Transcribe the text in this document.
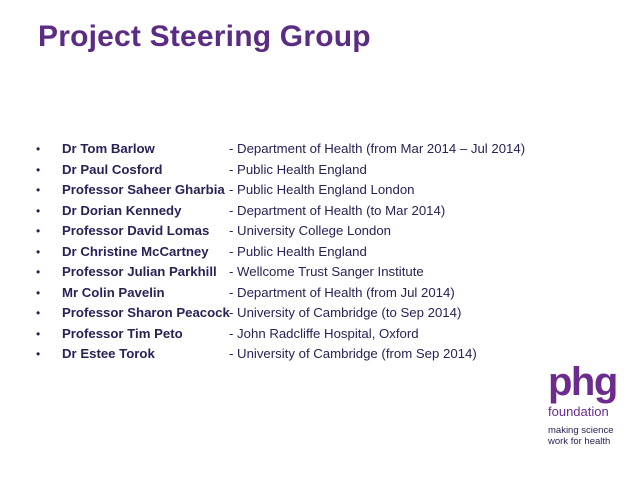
Project Steering Group
•	Dr Tom Barlow	- Department of Health (from Mar 2014 – Jul 2014)
•	Dr Paul Cosford	- Public Health England
•	Professor Saheer Gharbia - Public Health England London
•	Dr Dorian Kennedy	- Department of Health (to Mar 2014)
•	Professor David Lomas	- University College London
•	Dr Christine McCartney	- Public Health England
•	Professor Julian Parkhill - Wellcome Trust Sanger Institute
•	Mr Colin Pavelin	- Department of Health (from Jul 2014)
•	Professor Sharon Peacock - University of Cambridge (to Sep 2014)
•	Professor Tim Peto	- John Radcliffe Hospital, Oxford
•	Dr Estee Torok	- University of Cambridge (from Sep 2014)
phg
foundation
making science
work for health
